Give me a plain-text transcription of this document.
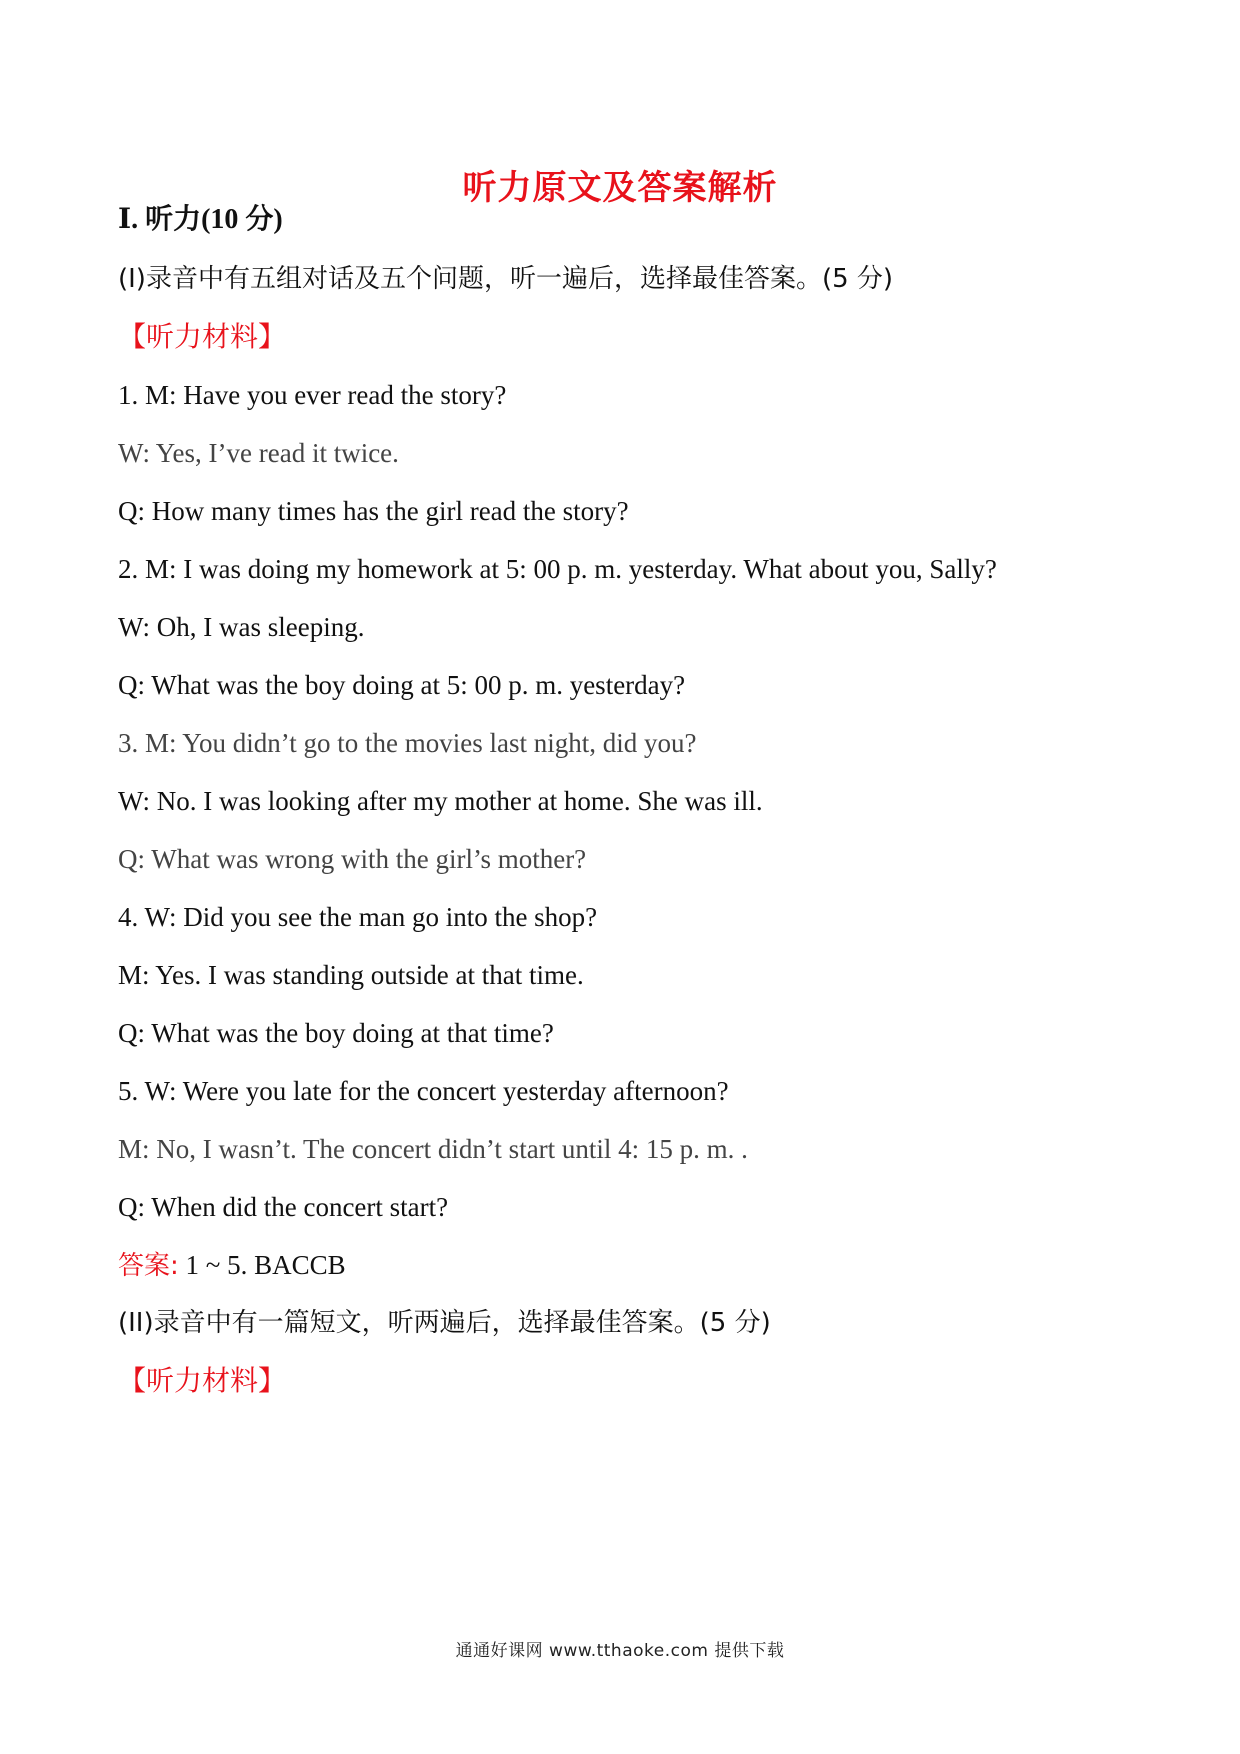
听力原文及答案解析
Ⅰ. 听力(10 分)
(I)录音中有五组对话及五个问题，听一遍后，选择最佳答案。(5 分)
【听力材料】
1. M: Have you ever read the story?
W: Yes, I’ve read it twice.
Q: How many times has the girl read the story?
2. M: I was doing my homework at 5: 00 p. m. yesterday. What about you, Sally?
W: Oh, I was sleeping.
Q: What was the boy doing at 5: 00 p. m. yesterday?
3. M: You didn’t go to the movies last night, did you?
W: No. I was looking after my mother at home. She was ill.
Q: What was wrong with the girl’s mother?
4. W: Did you see the man go into the shop?
M: Yes. I was standing outside at that time.
Q: What was the boy doing at that time?
5. W: Were you late for the concert yesterday afternoon?
M: No, I wasn’t. The concert didn’t start until 4: 15 p. m. .
Q: When did the concert start?
答案: 1 ~ 5. BACCB
(II)录音中有一篇短文，听两遍后，选择最佳答案。(5 分)
【听力材料】
通通好课网 www.tthaoke.com 提供下载
